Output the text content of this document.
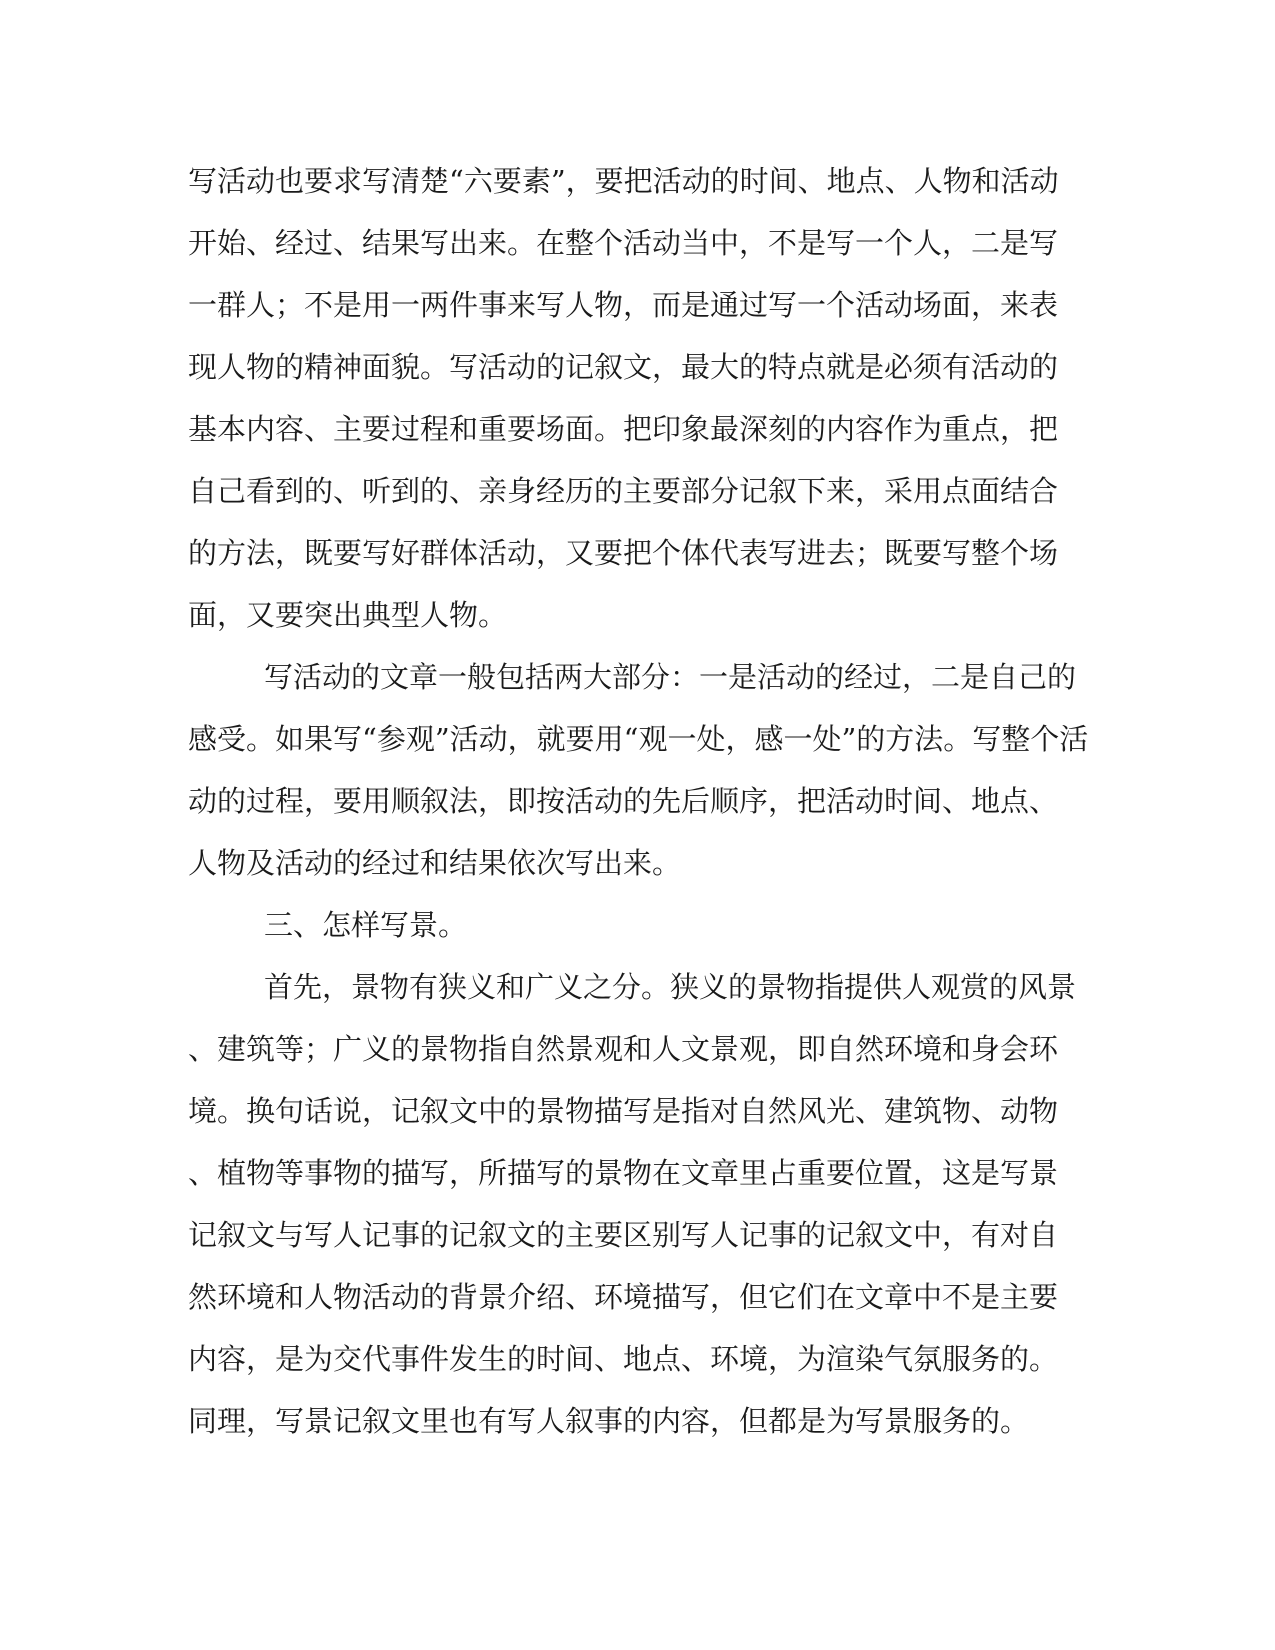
写活动也要求写清楚“六要素”，要把活动的时间、地点、人物和活动
开始、经过、结果写出来。在整个活动当中，不是写一个人，二是写
一群人；不是用一两件事来写人物，而是通过写一个活动场面，来表
现人物的精神面貌。写活动的记叙文，最大的特点就是必须有活动的
基本内容、主要过程和重要场面。把印象最深刻的内容作为重点，把
自己看到的、听到的、亲身经历的主要部分记叙下来，采用点面结合
的方法，既要写好群体活动，又要把个体代表写进去；既要写整个场
面，又要突出典型人物。
写活动的文章一般包括两大部分：一是活动的经过，二是自己的
感受。如果写“参观”活动，就要用“观一处，感一处”的方法。写整个活
动的过程，要用顺叙法，即按活动的先后顺序，把活动时间、地点、
人物及活动的经过和结果依次写出来。
三、怎样写景。
首先，景物有狭义和广义之分。狭义的景物指提供人观赏的风景
、建筑等；广义的景物指自然景观和人文景观，即自然环境和身会环
境。换句话说，记叙文中的景物描写是指对自然风光、建筑物、动物
、植物等事物的描写，所描写的景物在文章里占重要位置，这是写景
记叙文与写人记事的记叙文的主要区别写人记事的记叙文中，有对自
然环境和人物活动的背景介绍、环境描写，但它们在文章中不是主要
内容，是为交代事件发生的时间、地点、环境，为渲染气氛服务的。
同理，写景记叙文里也有写人叙事的内容，但都是为写景服务的。
